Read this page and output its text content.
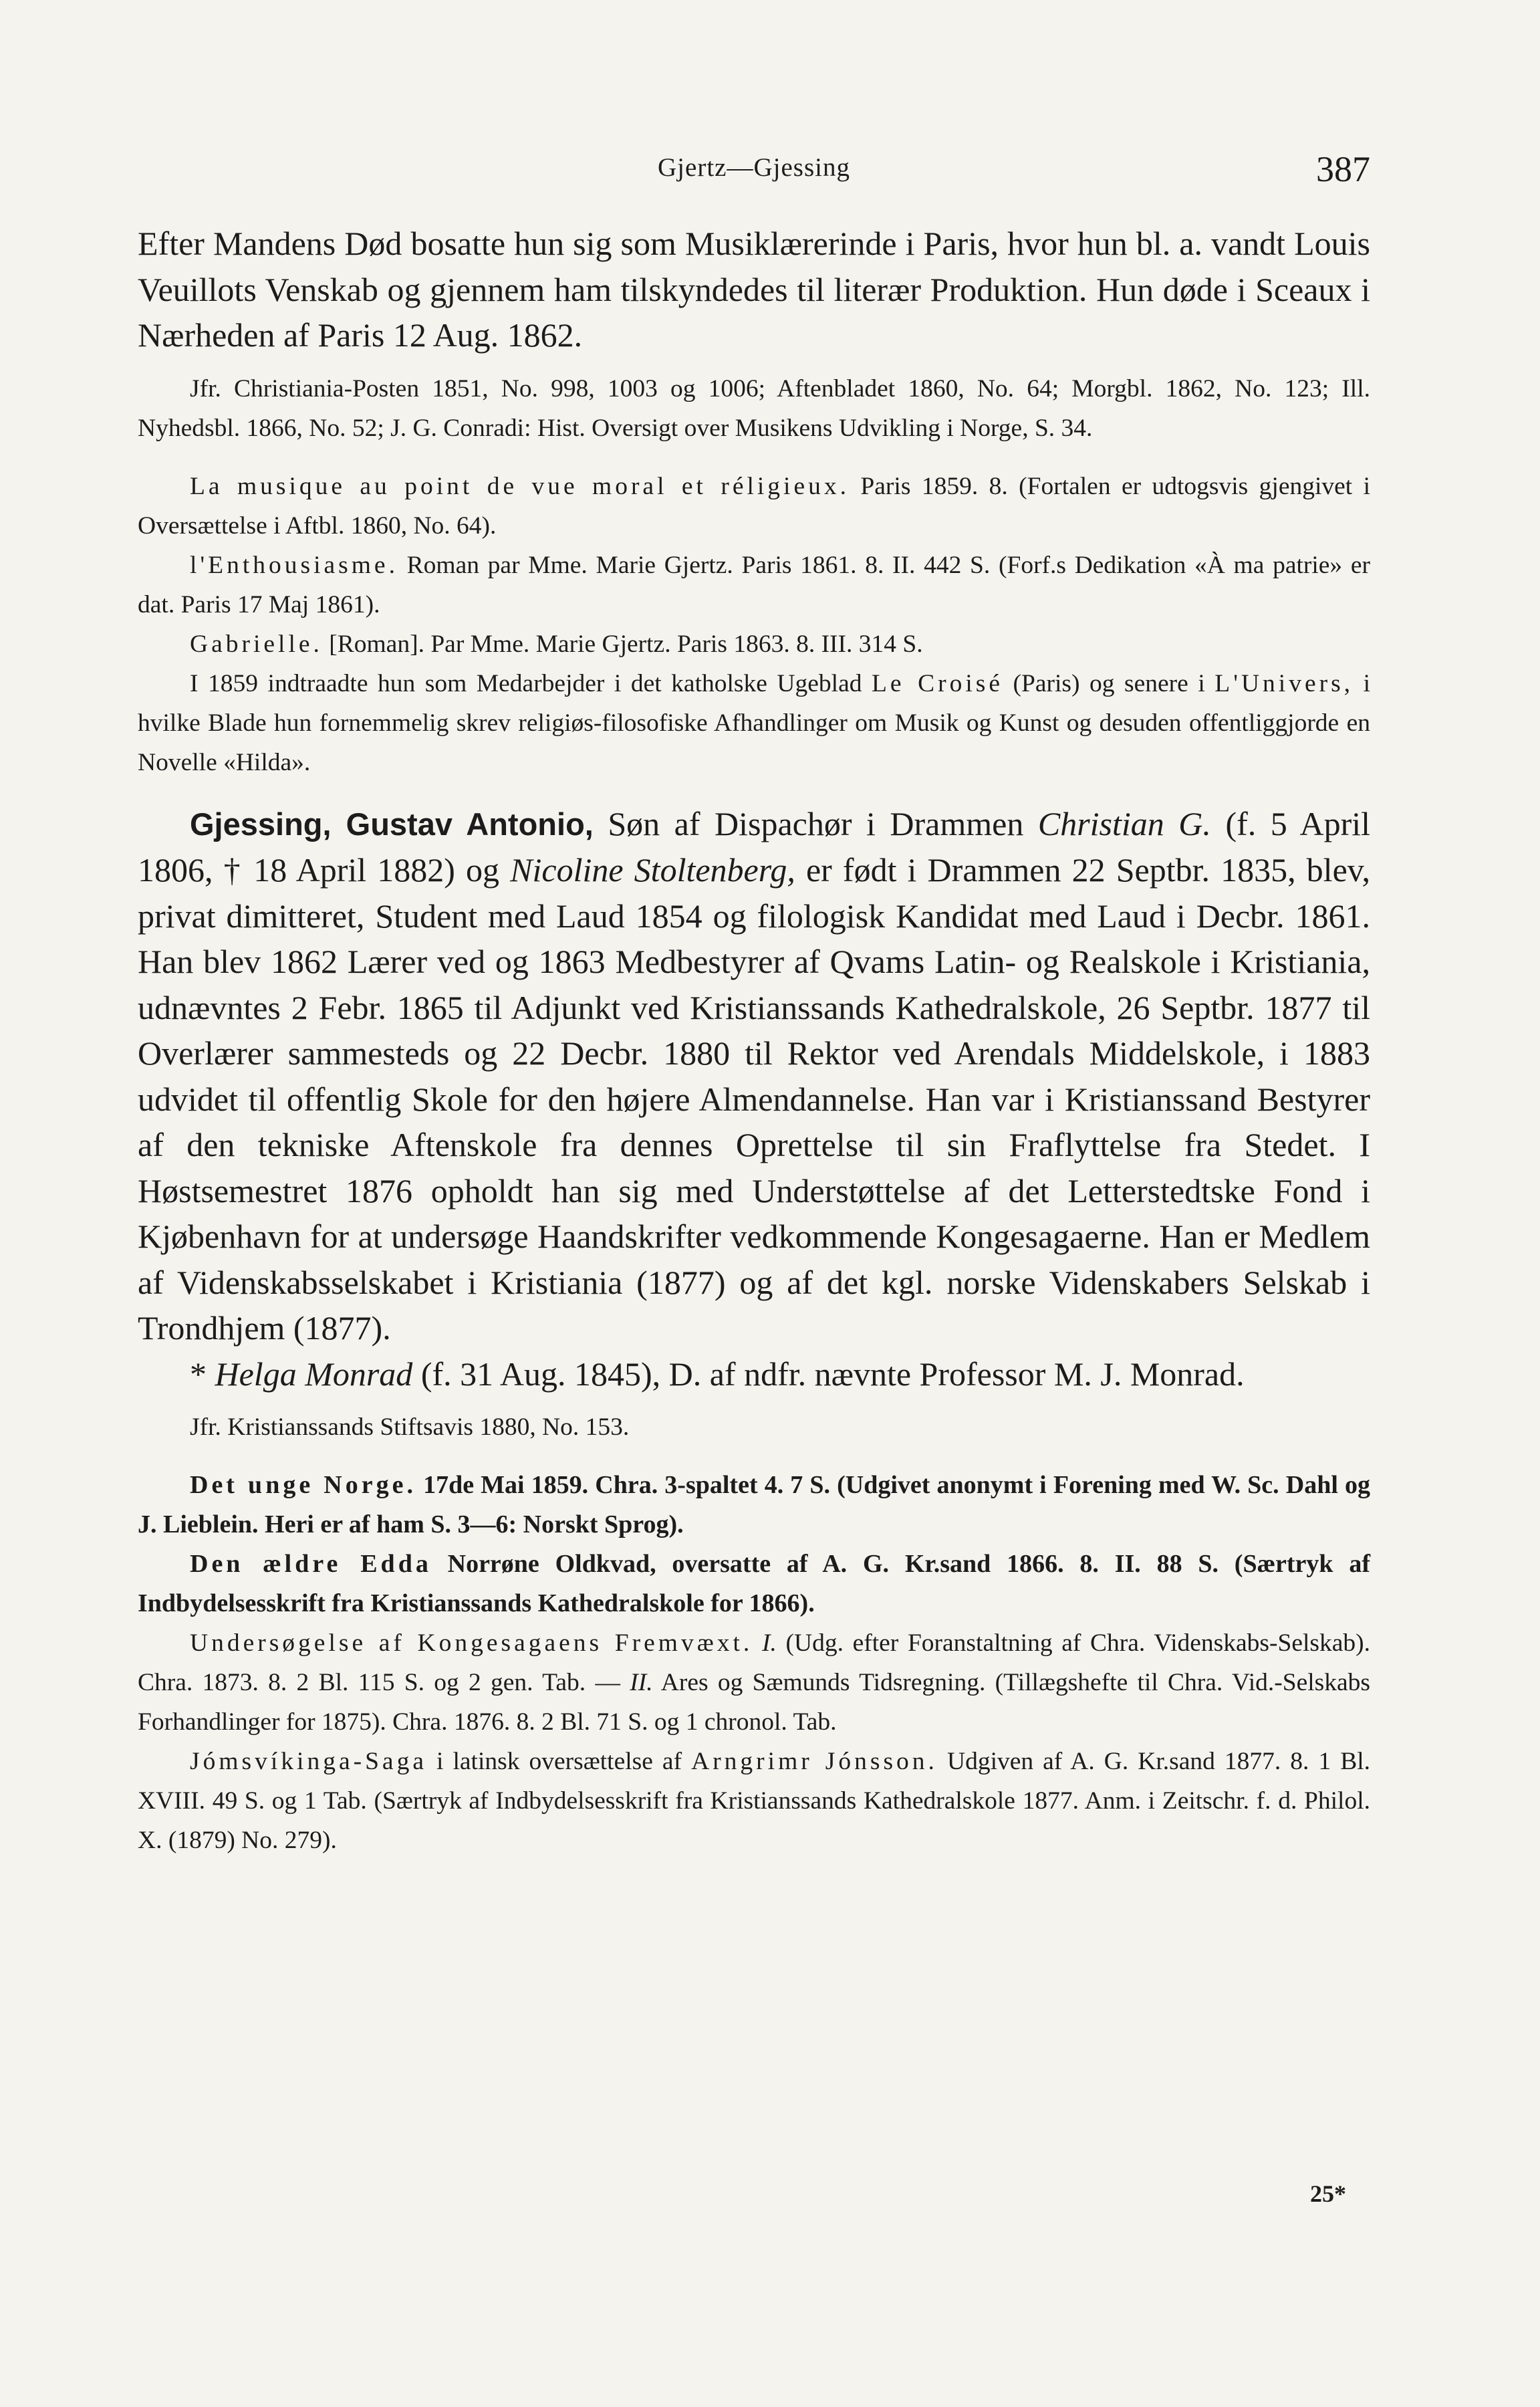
Gjertz—Gjessing	387

Efter Mandens Død bosatte hun sig som Musiklærerinde i Paris, hvor hun bl. a. vandt Louis Veuillots Venskab og gjennem ham tilskyndedes til literær Produktion. Hun døde i Sceaux i Nærheden af Paris 12 Aug. 1862.

Jfr. Christiania-Posten 1851, No. 998, 1003 og 1006; Aftenbladet 1860, No. 64; Morgbl. 1862, No. 123; Ill. Nyhedsbl. 1866, No. 52; J. G. Conradi: Hist. Oversigt over Musikens Udvikling i Norge, S. 34.

La musique au point de vue moral et réligieux. Paris 1859. 8. (Fortalen er udtogsvis gjengivet i Oversættelse i Aftbl. 1860, No. 64).

l'Enthousiasme. Roman par Mme. Marie Gjertz. Paris 1861. 8. II. 442 S. (Forf.s Dedikation «À ma patrie» er dat. Paris 17 Maj 1861).

Gabrielle. [Roman]. Par Mme. Marie Gjertz. Paris 1863. 8. III. 314 S.

I 1859 indtraadte hun som Medarbejder i det katholske Ugeblad Le Croisé (Paris) og senere i L'Univers, i hvilke Blade hun fornemmelig skrev religiøs-filosofiske Afhandlinger om Musik og Kunst og desuden offentliggjorde en Novelle «Hilda».

Gjessing, Gustav Antonio, Søn af Dispachør i Drammen Christian G. (f. 5 April 1806, † 18 April 1882) og Nicoline Stoltenberg, er født i Drammen 22 Septbr. 1835, blev, privat dimitteret, Student med Laud 1854 og filologisk Kandidat med Laud i Decbr. 1861. Han blev 1862 Lærer ved og 1863 Medbestyrer af Qvams Latin- og Realskole i Kristiania, udnævntes 2 Febr. 1865 til Adjunkt ved Kristianssands Kathedralskole, 26 Septbr. 1877 til Overlærer sammesteds og 22 Decbr. 1880 til Rektor ved Arendals Middelskole, i 1883 udvidet til offentlig Skole for den højere Almendannelse. Han var i Kristianssand Bestyrer af den tekniske Aftenskole fra dennes Oprettelse til sin Fraflyttelse fra Stedet. I Høstsemestret 1876 opholdt han sig med Understøttelse af det Letterstedtske Fond i Kjøbenhavn for at undersøge Haandskrifter vedkommende Kongesagaerne. Han er Medlem af Videnskabsselskabet i Kristiania (1877) og af det kgl. norske Videnskabers Selskab i Trondhjem (1877).

* Helga Monrad (f. 31 Aug. 1845), D. af ndfr. nævnte Professor M. J. Monrad.

Jfr. Kristianssands Stiftsavis 1880, No. 153.

Det unge Norge. 17de Mai 1859. Chra. 3-spaltet 4. 7 S. (Udgivet anonymt i Forening med W. Sc. Dahl og J. Lieblein. Heri er af ham S. 3—6: Norskt Sprog).

Den ældre Edda Norrøne Oldkvad, oversatte af A. G. Kr.sand 1866. 8. II. 88 S. (Særtryk af Indbydelsesskrift fra Kristianssands Kathedralskole for 1866).

Undersøgelse af Kongesagaens Fremvæxt. I. (Udg. efter Foranstaltning af Chra. Videnskabs-Selskab). Chra. 1873. 8. 2 Bl. 115 S. og 2 gen. Tab. — II. Ares og Sæmunds Tidsregning. (Tillægshefte til Chra. Vid.-Selskabs Forhandlinger for 1875). Chra. 1876. 8. 2 Bl. 71 S. og 1 chronol. Tab.

Jómsvíkinga-Saga i latinsk oversættelse af Arngrimr Jónsson. Udgiven af A. G. Kr.sand 1877. 8. 1 Bl. XVIII. 49 S. og 1 Tab. (Særtryk af Indbydelsesskrift fra Kristianssands Kathedralskole 1877. Anm. i Zeitschr. f. d. Philol. X. (1879) No. 279).

25*
